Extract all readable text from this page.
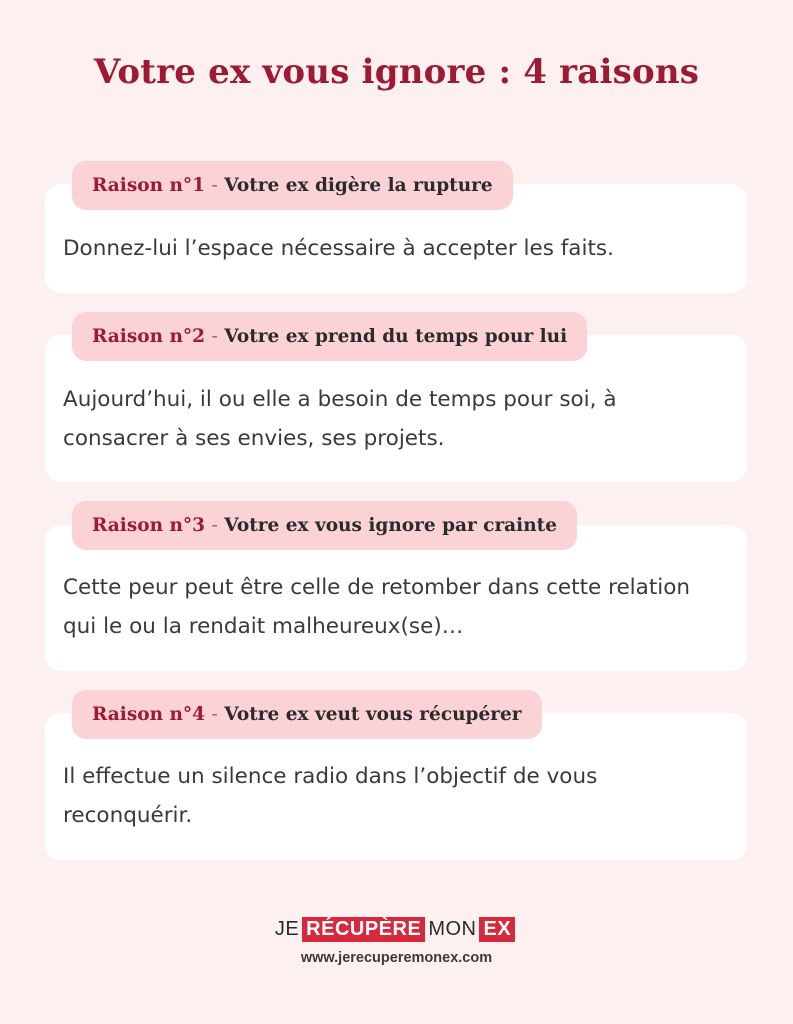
Votre ex vous ignore : 4 raisons
Donnez-lui l’espace nécessaire à accepter les faits.
Raison n°1
-
Votre ex digère la rupture
Aujourd’hui, il ou elle a besoin de temps pour soi, à consacrer à ses envies, ses projets.
Raison n°2
-
Votre ex prend du temps pour lui
Cette peur peut être celle de retomber dans cette relation qui le ou la rendait malheureux(se)…
Raison n°3
-
Votre ex vous ignore par crainte
Il effectue un silence radio dans l’objectif de vous reconquérir.
Raison n°4
-
Votre ex veut vous récupérer
JE RÉCUPÈRE MON EX
www.jerecuperemonex.com
